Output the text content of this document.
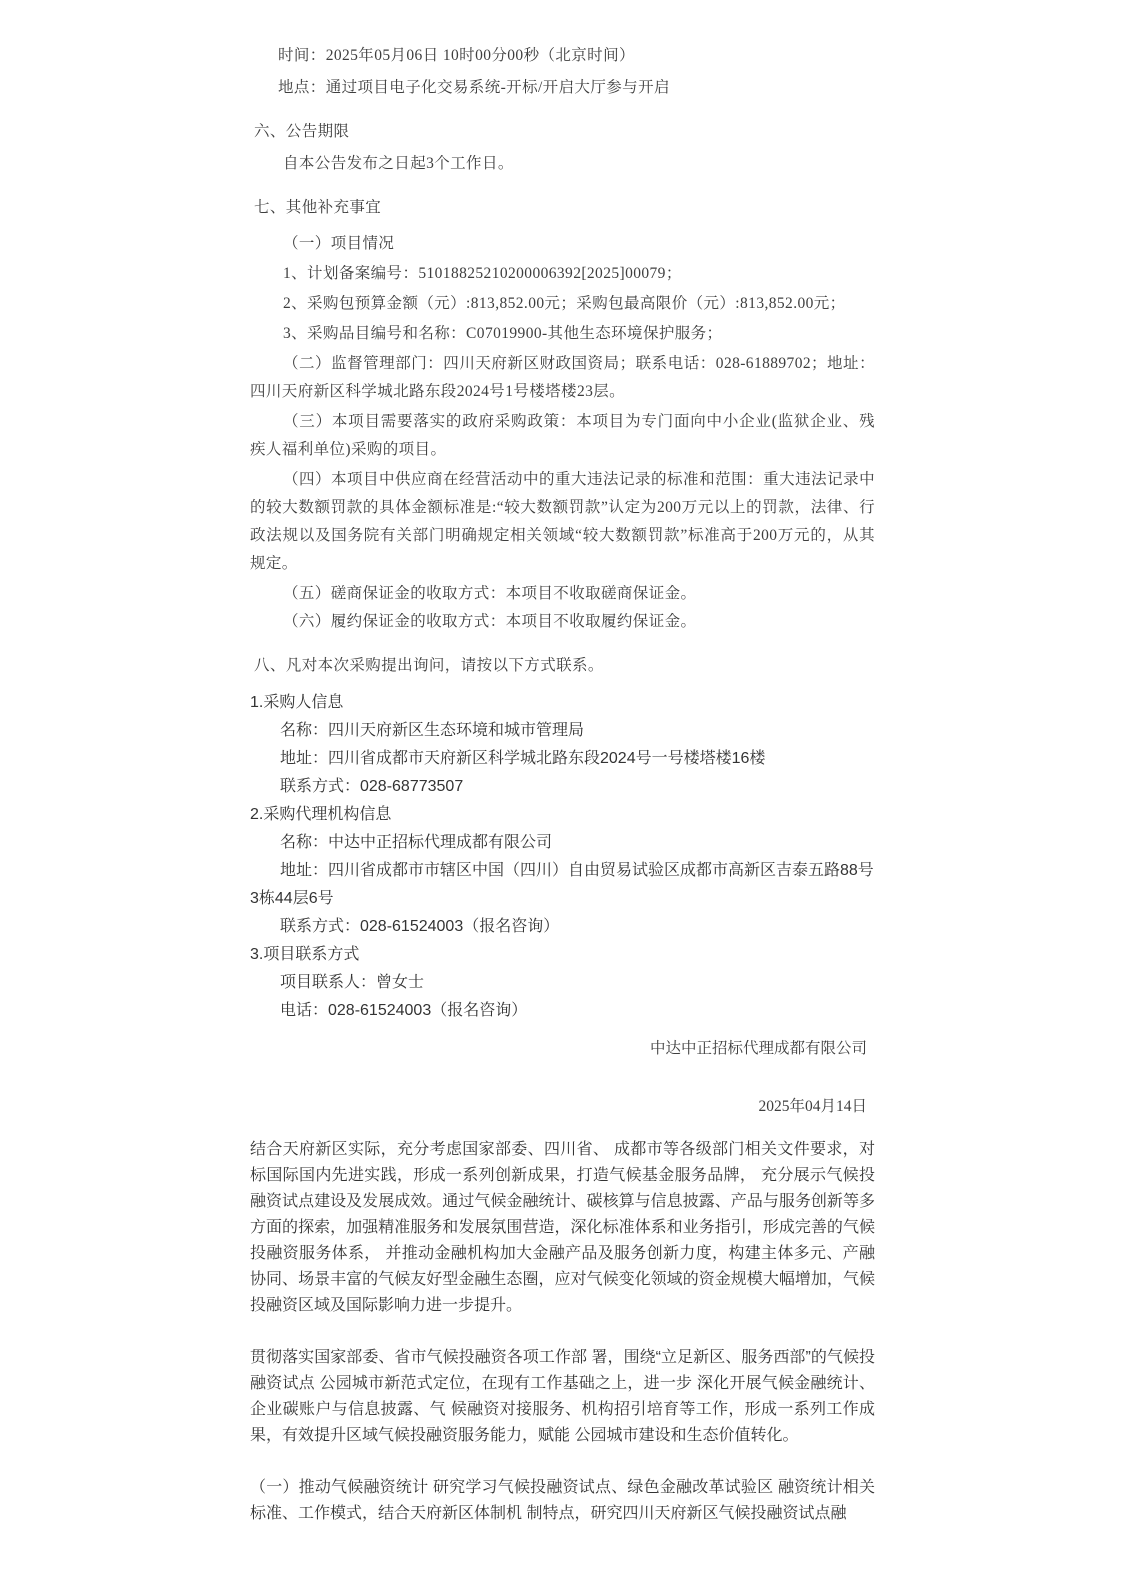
时间：2025年05月06日 10时00分00秒（北京时间）

地点：通过项目电子化交易系统-开标/开启大厅参与开启

六、公告期限

自本公告发布之日起3个工作日。

七、其他补充事宜

（一）项目情况

1、计划备案编号：51018825210200006392[2025]00079；

2、采购包预算金额（元）:813,852.00元；采购包最高限价（元）:813,852.00元；

3、采购品目编号和名称：C07019900-其他生态环境保护服务；

（二）监督管理部门：四川天府新区财政国资局；联系电话：028-61889702；地址：四川天府新区科学城北路东段2024号1号楼塔楼23层。

（三）本项目需要落实的政府采购政策：本项目为专门面向中小企业(监狱企业、残疾人福利单位)采购的项目。

（四）本项目中供应商在经营活动中的重大违法记录的标准和范围：重大违法记录中的较大数额罚款的具体金额标准是:“较大数额罚款”认定为200万元以上的罚款，法律、行政法规以及国务院有关部门明确规定相关领域“较大数额罚款”标准高于200万元的，从其规定。

（五）磋商保证金的收取方式：本项目不收取磋商保证金。

（六）履约保证金的收取方式：本项目不收取履约保证金。

八、凡对本次采购提出询问，请按以下方式联系。

1.采购人信息

名称：四川天府新区生态环境和城市管理局

地址：四川省成都市天府新区科学城北路东段2024号一号楼塔楼16楼

联系方式：028-68773507

2.采购代理机构信息

名称：中达中正招标代理成都有限公司

地址：四川省成都市市辖区中国（四川）自由贸易试验区成都市高新区吉泰五路88号3栋44层6号

联系方式：028-61524003（报名咨询）

3.项目联系方式

项目联系人：曾女士

电话：028-61524003（报名咨询）

中达中正招标代理成都有限公司

2025年04月14日

结合天府新区实际，充分考虑国家部委、四川省、 成都市等各级部门相关文件要求，对标国际国内先进实践，形成一系列创新成果，打造气候基金服务品牌， 充分展示气候投融资试点建设及发展成效。通过气候金融统计、碳核算与信息披露、产品与服务创新等多方面的探索，加强精准服务和发展氛围营造，深化标准体系和业务指引，形成完善的气候投融资服务体系， 并推动金融机构加大金融产品及服务创新力度，构建主体多元、产融协同、场景丰富的气候友好型金融生态圈，应对气候变化领域的资金规模大幅增加，气候 投融资区域及国际影响力进一步提升。

贯彻落实国家部委、省市气候投融资各项工作部 署，围绕“立足新区、服务西部”的气候投融资试点 公园城市新范式定位，在现有工作基础之上，进一步 深化开展气候金融统计、企业碳账户与信息披露、气 候融资对接服务、机构招引培育等工作，形成一系列工作成果，有效提升区域气候投融资服务能力，赋能 公园城市建设和生态价值转化。

（一）推动气候融资统计 研究学习气候投融资试点、绿色金融改革试验区 融资统计相关标准、工作模式，结合天府新区体制机 制特点，研究四川天府新区气候投融资试点融
